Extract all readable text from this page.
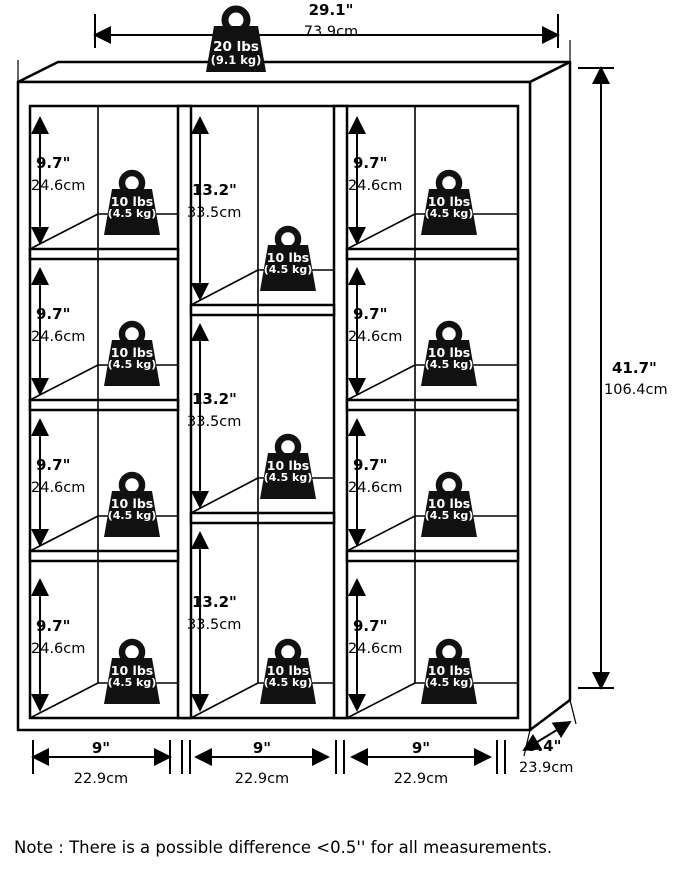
20 lbs
(9.1 kg)
10 lbs
(4.5 kg)
10 lbs
(4.5 kg)
10 lbs
(4.5 kg)
10 lbs
(4.5 kg)
10 lbs
(4.5 kg)
10 lbs
(4.5 kg)
10 lbs
(4.5 kg)
10 lbs
(4.5 kg)
10 lbs
(4.5 kg)
10 lbs
(4.5 kg)
10 lbs
(4.5 kg)
29.1"
73.9cm
41.7"
106.4cm
9.4"
23.9cm
9"
22.9cm
9"
22.9cm
9"
22.9cm
9.7"
24.6cm
9.7"
24.6cm
9.7"
24.6cm
9.7"
24.6cm
13.2"
33.5cm
13.2"
33.5cm
13.2"
33.5cm
9.7"
24.6cm
9.7"
24.6cm
9.7"
24.6cm
9.7"
24.6cm
Note : There is a possible difference <0.5'' for all measurements.
